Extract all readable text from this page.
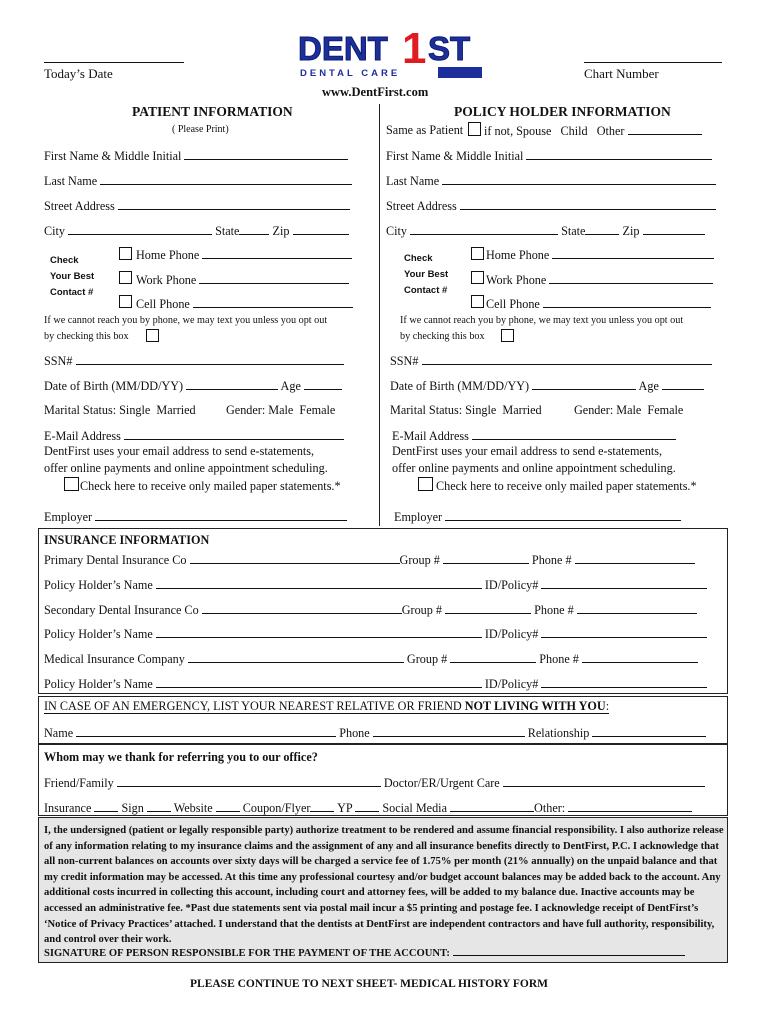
Today’s Date	Chart Number
DENT 1 ST
DENTAL CARE
www.DentFirst.com
PATIENT INFORMATION
( Please Print)
First Name & Middle Initial
Last Name
Street Address
City	State	Zip
Check
Your Best
Contact #
Home Phone
Work Phone
Cell Phone
If we cannot reach you by phone, we may text you unless you opt out
by checking this box
SSN#
Date of Birth (MM/DD/YY)	Age
Marital Status: Single  Married Gender: Male  Female
E-Mail Address
DentFirst uses your email address to send e-statements,
offer online payments and online appointment scheduling.
Check here to receive only mailed paper statements.*
Employer
POLICY HOLDER INFORMATION
Same as Patient if not, Spouse   Child   Other
First Name & Middle Initial
Last Name
Street Address
City	State	Zip
Check
Your Best
Contact #
Home Phone
Work Phone
Cell Phone
If we cannot reach you by phone, we may text you unless you opt out
by checking this box
SSN#
Date of Birth (MM/DD/YY)	Age
Marital Status: Single  Married	Gender: Male  Female
E-Mail Address
DentFirst uses your email address to send e-statements,
offer online payments and online appointment scheduling.
Check here to receive only mailed paper statements.*
Employer
INSURANCE INFORMATION
Primary Dental Insurance Co	Group #	Phone #
Policy Holder’s Name	ID/Policy#
Secondary Dental Insurance Co	Group #	Phone #
Policy Holder’s Name	ID/Policy#
Medical Insurance Company	Group #	Phone #
Policy Holder’s Name	ID/Policy#
IN CASE OF AN EMERGENCY, LIST YOUR NEAREST RELATIVE OR FRIEND NOT LIVING WITH YOU:
Name	Phone	Relationship
Whom may we thank for referring you to our office?
Friend/Family	Doctor/ER/Urgent Care
Insurance Sign Website Coupon/Flyer YP Social Media	Other:
I, the undersigned (patient or legally responsible party) authorize treatment to be rendered and assume financial responsibility. I also authorize release of any information relating to my insurance claims and the assignment of any and all insurance benefits directly to DentFirst, P.C. I acknowledge that all non-current balances on accounts over sixty days will be charged a service fee of 1.75% per month (21% annually) on the unpaid balance and that my credit information may be accessed. At this time any professional courtesy and/or budget account balances may be added back to the account. Any additional costs incurred in collecting this account, including court and attorney fees, will be added to my balance due. Inactive accounts may be accessed an administrative fee. *Past due statements sent via postal mail incur a $5 printing and postage fee. I acknowledge receipt of DentFirst’s ‘Notice of Privacy Practices’ attached. I understand that the dentists at DentFirst are independent contractors and have full authority, responsibility, and control over their work.
SIGNATURE OF PERSON RESPONSIBLE FOR THE PAYMENT OF THE ACCOUNT:
PLEASE CONTINUE TO NEXT SHEET- MEDICAL HISTORY FORM
